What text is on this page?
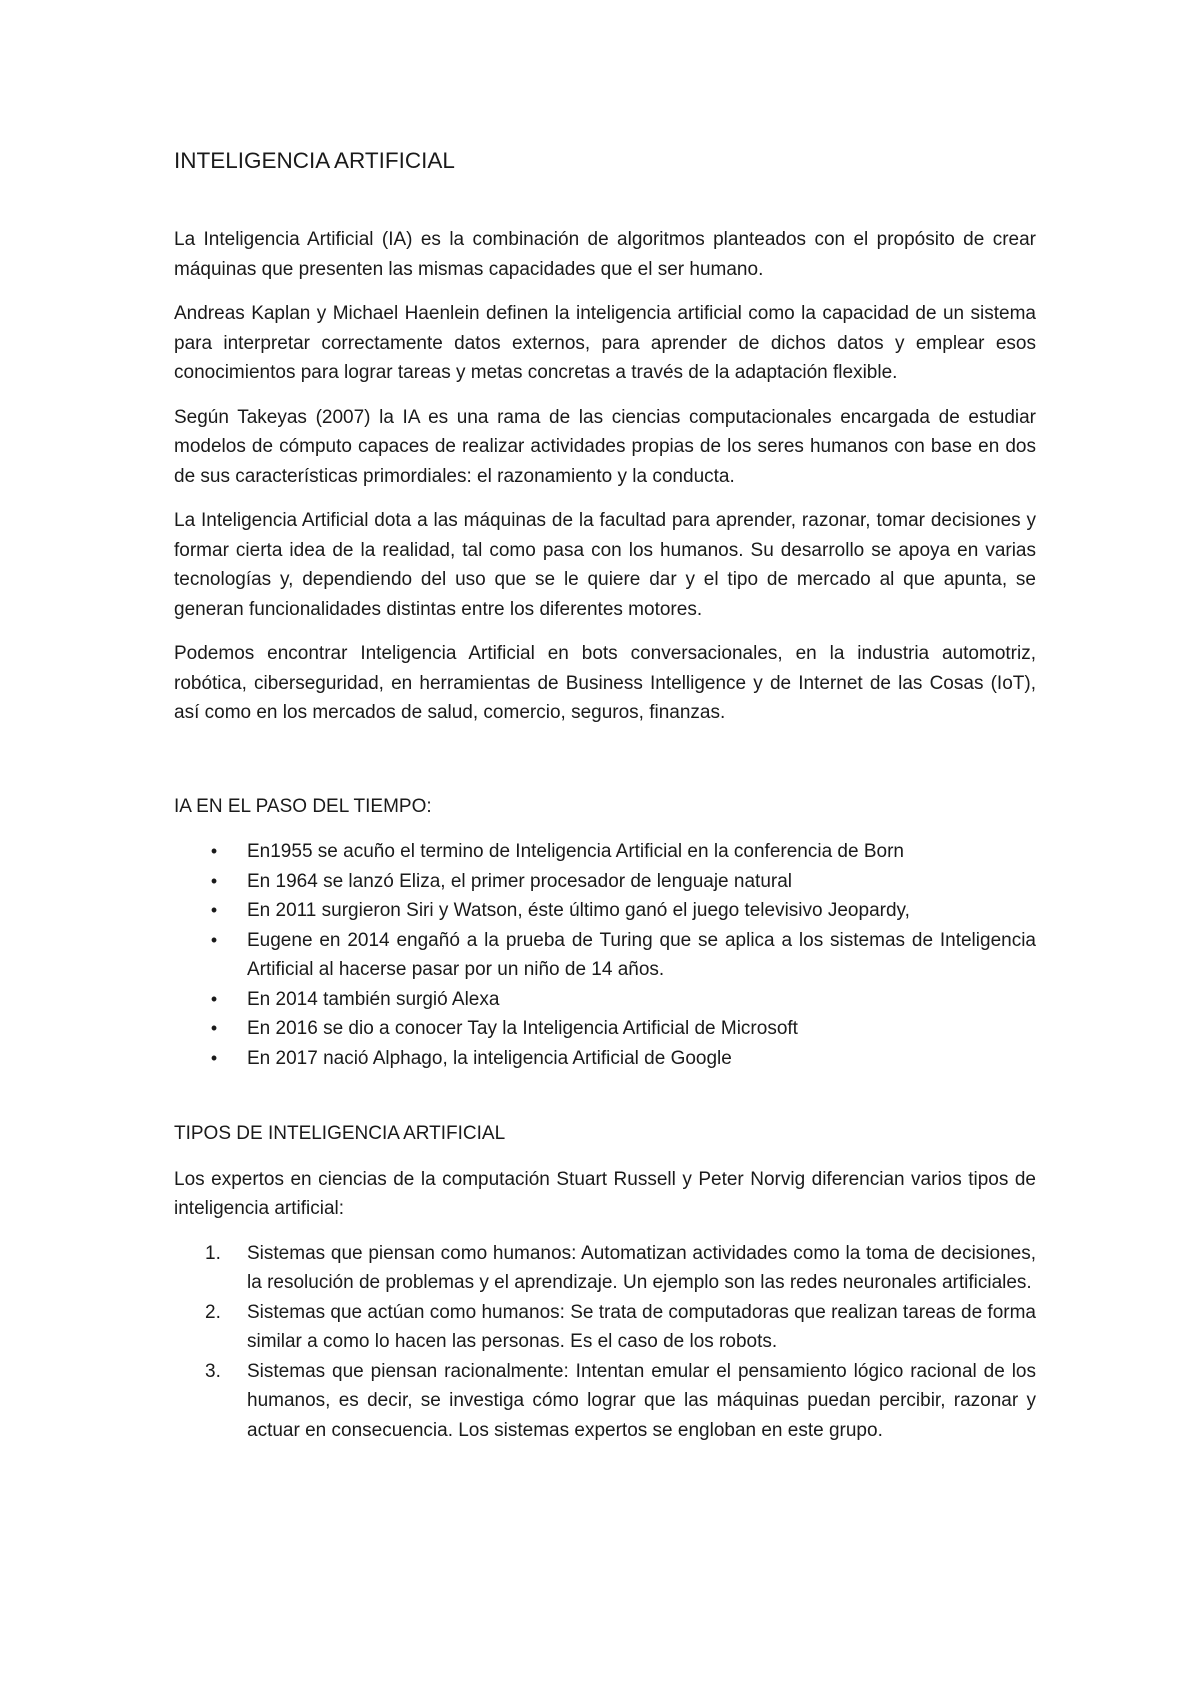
INTELIGENCIA ARTIFICIAL

La Inteligencia Artificial (IA) es la combinación de algoritmos planteados con el propósito de crear máquinas que presenten las mismas capacidades que el ser humano.

Andreas Kaplan y Michael Haenlein definen la inteligencia artificial como la capacidad de un sistema para interpretar correctamente datos externos, para aprender de dichos datos y emplear esos conocimientos para lograr tareas y metas concretas a través de la adaptación flexible.

Según Takeyas (2007) la IA es una rama de las ciencias computacionales encargada de estudiar modelos de cómputo capaces de realizar actividades propias de los seres humanos con base en dos de sus características primordiales: el razonamiento y la conducta.

La Inteligencia Artificial dota a las máquinas de la facultad para aprender, razonar, tomar decisiones y formar cierta idea de la realidad, tal como pasa con los humanos. Su desarrollo se apoya en varias tecnologías y, dependiendo del uso que se le quiere dar y el tipo de mercado al que apunta, se generan funcionalidades distintas entre los diferentes motores.

Podemos encontrar Inteligencia Artificial en bots conversacionales, en la industria automotriz, robótica, ciberseguridad, en herramientas de Business Intelligence y de Internet de las Cosas (IoT), así como en los mercados de salud, comercio, seguros, finanzas.

IA EN EL PASO DEL TIEMPO:
•	En1955 se acuño el termino de Inteligencia Artificial en la conferencia de Born
•	En 1964 se lanzó Eliza, el primer procesador de lenguaje natural
•	En 2011 surgieron Siri y Watson, éste último ganó el juego televisivo Jeopardy,
•	Eugene en 2014 engañó a la prueba de Turing que se aplica a los sistemas de Inteligencia Artificial al hacerse pasar por un niño de 14 años.
•	En 2014 también surgió Alexa
•	En 2016 se dio a conocer Tay la Inteligencia Artificial de Microsoft
•	En 2017 nació Alphago, la inteligencia Artificial de Google
TIPOS DE INTELIGENCIA ARTIFICIAL

Los expertos en ciencias de la computación Stuart Russell y Peter Norvig diferencian varios tipos de inteligencia artificial:

1. Sistemas que piensan como humanos: Automatizan actividades como la toma de decisiones, la resolución de problemas y el aprendizaje. Un ejemplo son las redes neuronales artificiales.
2. Sistemas que actúan como humanos: Se trata de computadoras que realizan tareas de forma similar a como lo hacen las personas. Es el caso de los robots.
3. Sistemas que piensan racionalmente: Intentan emular el pensamiento lógico racional de los humanos, es decir, se investiga cómo lograr que las máquinas puedan percibir, razonar y actuar en consecuencia. Los sistemas expertos se engloban en este grupo.
